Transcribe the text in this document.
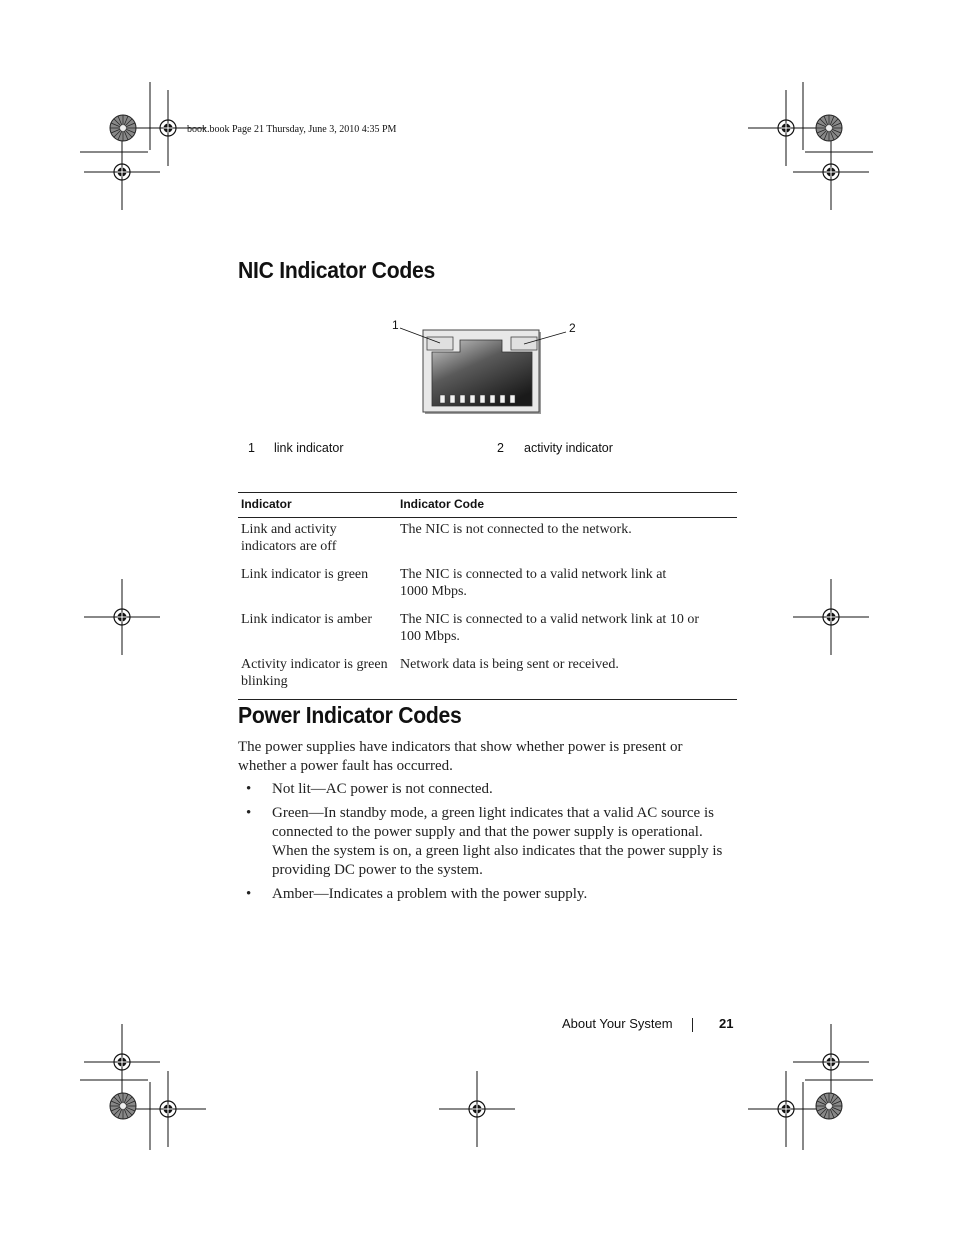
book.book Page 21 Thursday, June 3, 2010 4:35 PM
NIC Indicator Codes
1	2
1 link indicator	2 activity indicator
Indicator	Indicator Code
Link and activity indicators are off	The NIC is not connected to the network.
Link indicator is green	The NIC is connected to a valid network link at 1000 Mbps.
Link indicator is amber	The NIC is connected to a valid network link at 10 or 100 Mbps.
Activity indicator is green blinking	Network data is being sent or received.
Power Indicator Codes
The power supplies have indicators that show whether power is present or whether a power fault has occurred.
• Not lit—AC power is not connected.
• Green—In standby mode, a green light indicates that a valid AC source is connected to the power supply and that the power supply is operational. When the system is on, a green light also indicates that the power supply is providing DC power to the system.
• Amber—Indicates a problem with the power supply.
About Your System	21
